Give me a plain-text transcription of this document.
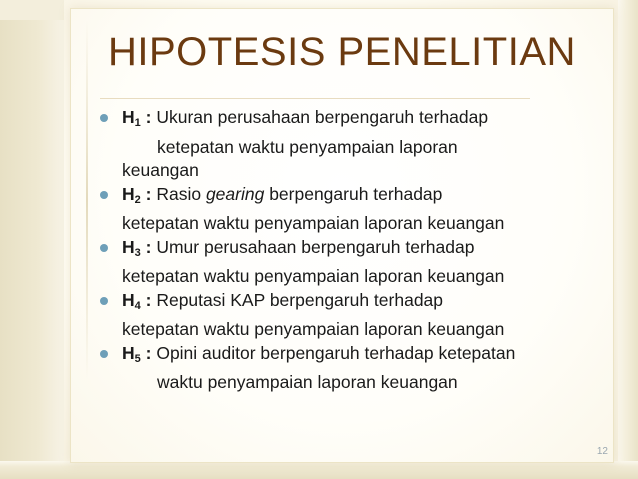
HIPOTESIS PENELITIAN
$H_1$ : Ukuran perusahaan berpengaruh terhadap
ketepatan waktu penyampaian laporan
keuangan
$H_2$ : Rasio gearing berpengaruh terhadap
ketepatan waktu penyampaian laporan keuangan
$H_3$ : Umur perusahaan berpengaruh terhadap
ketepatan waktu penyampaian laporan keuangan
$H_4$ : Reputasi KAP berpengaruh terhadap
ketepatan waktu penyampaian laporan keuangan
$H_5$ : Opini auditor berpengaruh terhadap ketepatan
waktu penyampaian laporan keuangan
12
